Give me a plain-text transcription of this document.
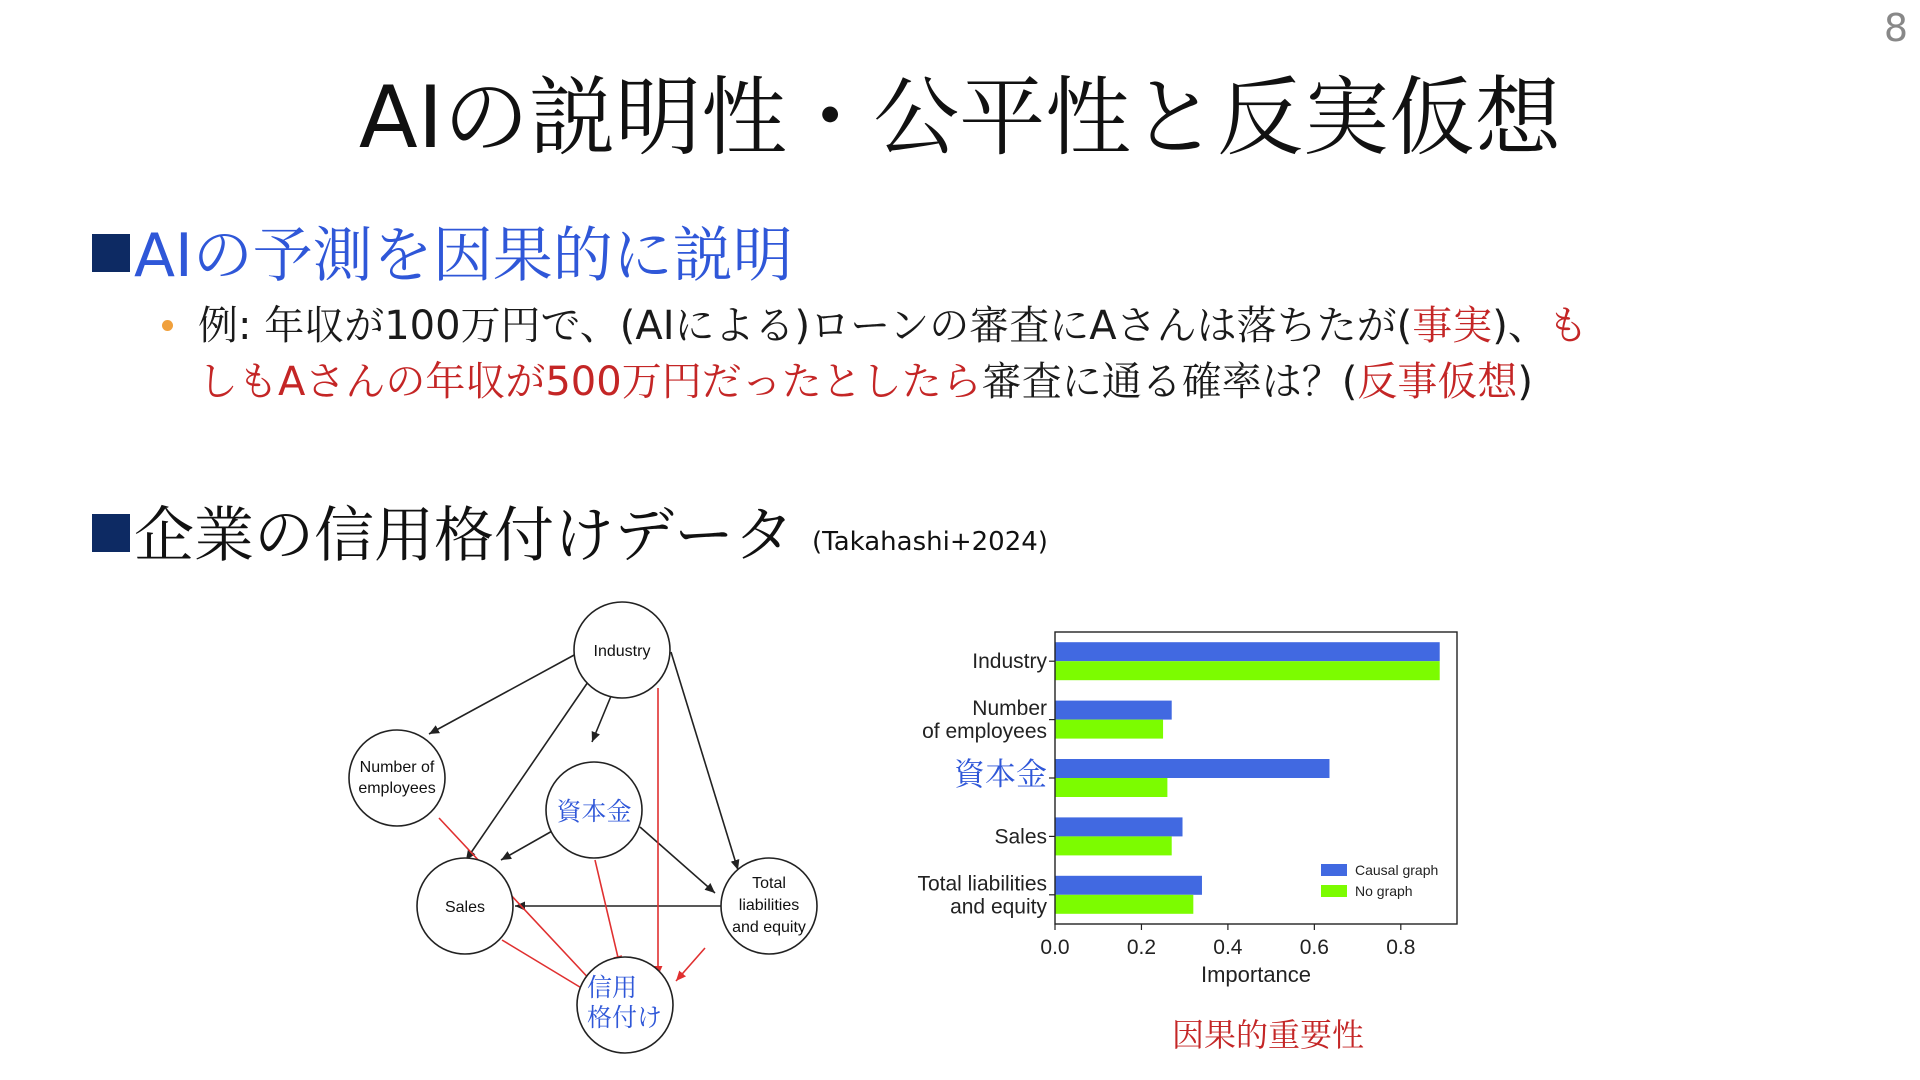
8
AIの説明性・公平性と反実仮想
AIの予測を因果的に説明
例: 年収が100万円で、(AIによる)ローンの審査にAさんは落ちたが(事実)、も
しもAさんの年収が500万円だったとしたら審査に通る確率は？(反事仮想)
企業の信用格付けデータ (Takahashi+2024)
Industry
Number of
employees
Sales
Total
liabilities
and equity
資本金
信用
格付け
Industry
Number
of employees
資本金
Sales
Total liabilities
and equity
0.0	0.2	0.4	0.6	0.8
Importance
Causal graph
No graph
因果的重要性
